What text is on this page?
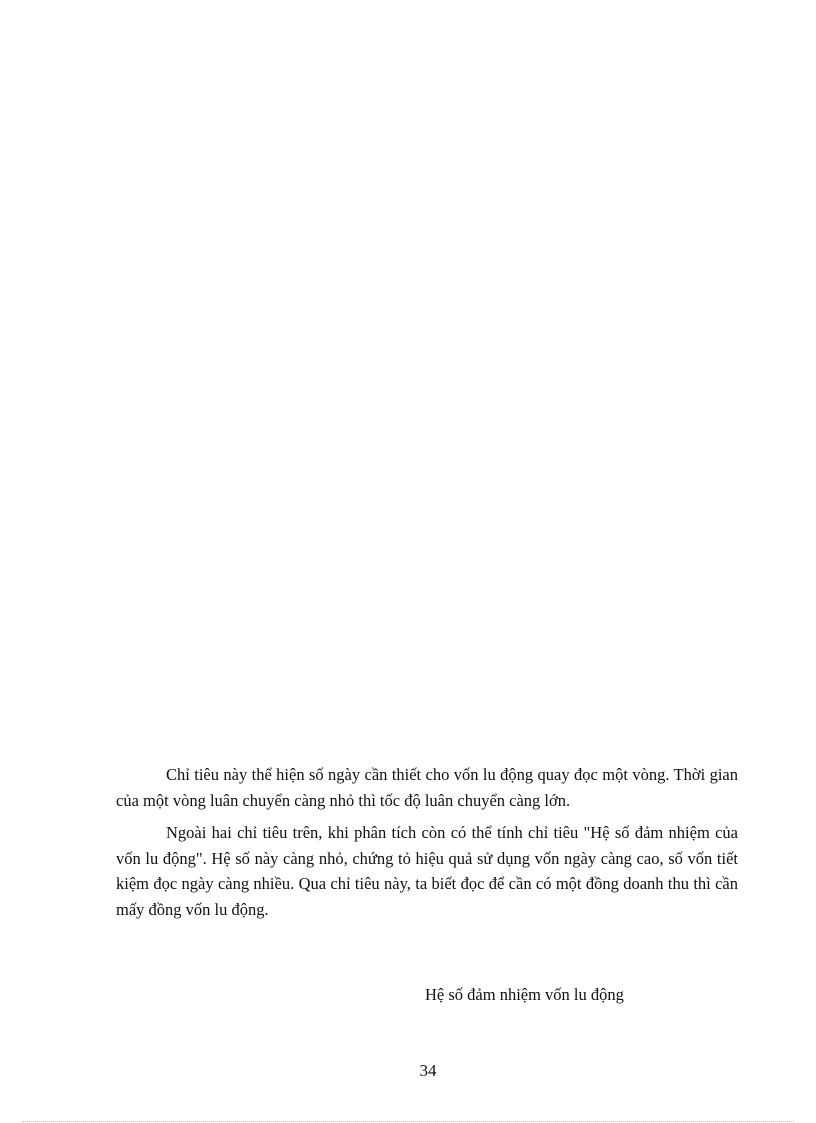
Chỉ tiêu này thể hiện số ngày cần thiết cho vốn lu động quay đọc một vòng. Thời gian của một vòng luân chuyển càng nhỏ thì tốc độ luân chuyển càng lớn.

Ngoài hai chỉ tiêu trên, khi phân tích còn có thể tính chỉ tiêu "Hệ số đảm nhiệm của vốn lu động". Hệ số này càng nhỏ, chứng tỏ hiệu quả sử dụng vốn ngày càng cao, số vốn tiết kiệm đọc ngày càng nhiều. Qua chỉ tiêu này, ta biết đọc để cần có một đồng doanh thu thì cần mấy đồng vốn lu động.

Hệ số đảm nhiệm vốn lu động
34
